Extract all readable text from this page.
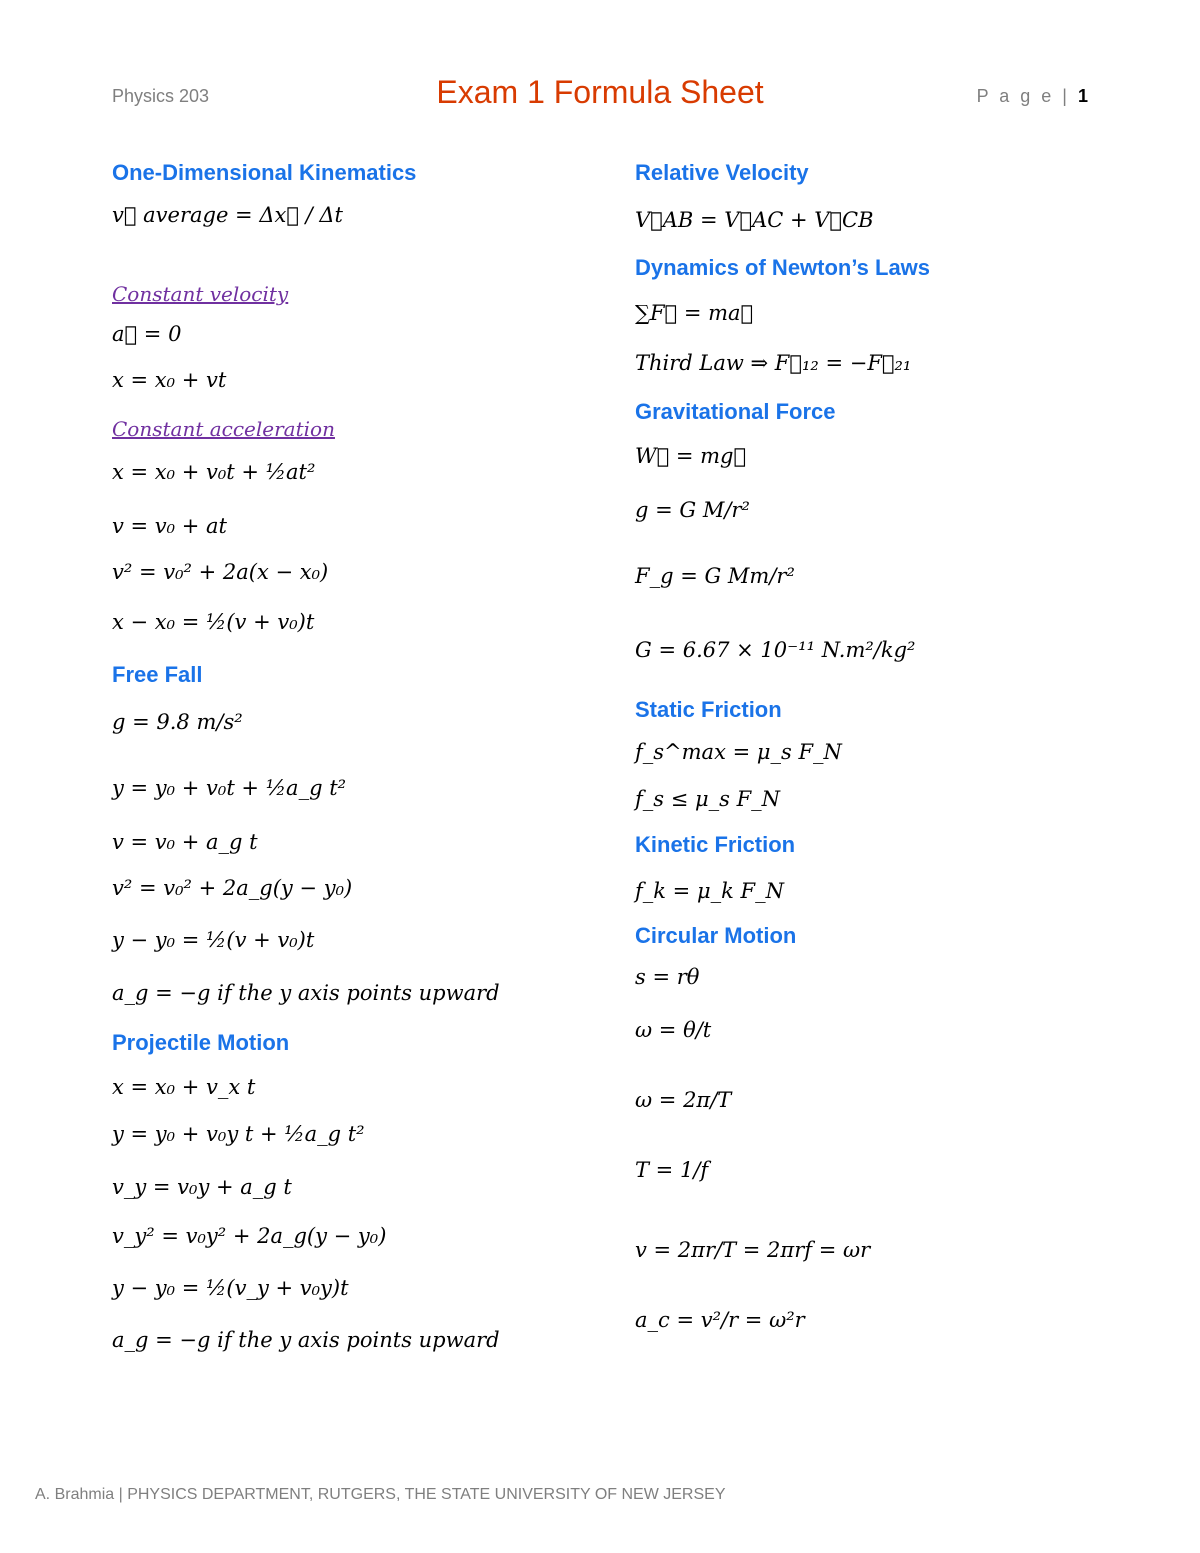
Physics 203	Exam 1 Formula Sheet	P a g e | 1
One-Dimensional Kinematics
v⃗ average = Δx⃗ / Δt
Constant velocity
a⃗ = 0
x = x₀ + vt
Constant acceleration
x = x₀ + v₀t + ½at²
v = v₀ + at
v² = v₀² + 2a(x − x₀)
x − x₀ = ½(v + v₀)t
Free Fall
g = 9.8 m/s²
y = y₀ + v₀t + ½a_g t²
v = v₀ + a_g t
v² = v₀² + 2a_g(y − y₀)
y − y₀ = ½(v + v₀)t
a_g = −g if the y axis points upward
Projectile Motion
x = x₀ + v_x t
y = y₀ + v₀y t + ½a_g t²
v_y = v₀y + a_g t
v_y² = v₀y² + 2a_g(y − y₀)
y − y₀ = ½(v_y + v₀y)t
a_g = −g if the y axis points upward
Relative Velocity
V⃗AB = V⃗AC + V⃗CB
Dynamics of Newton’s Laws
∑F⃗ = ma⃗
Third Law ⇒ F⃗₁₂ = −F⃗₂₁
Gravitational Force
W⃗ = mg⃗
g = G M/r²
F_g = G Mm/r²
G = 6.67 × 10⁻¹¹ N.m²/kg²
Static Friction
f_s^max = μ_s F_N
f_s ≤ μ_s F_N
Kinetic Friction
f_k = μ_k F_N
Circular Motion
s = rθ
ω = θ/t
ω = 2π/T
T = 1/f
v = 2πr/T = 2πrf = ωr
a_c = v²/r = ω²r
A. Brahmia | PHYSICS DEPARTMENT, RUTGERS, THE STATE UNIVERSITY OF NEW JERSEY
